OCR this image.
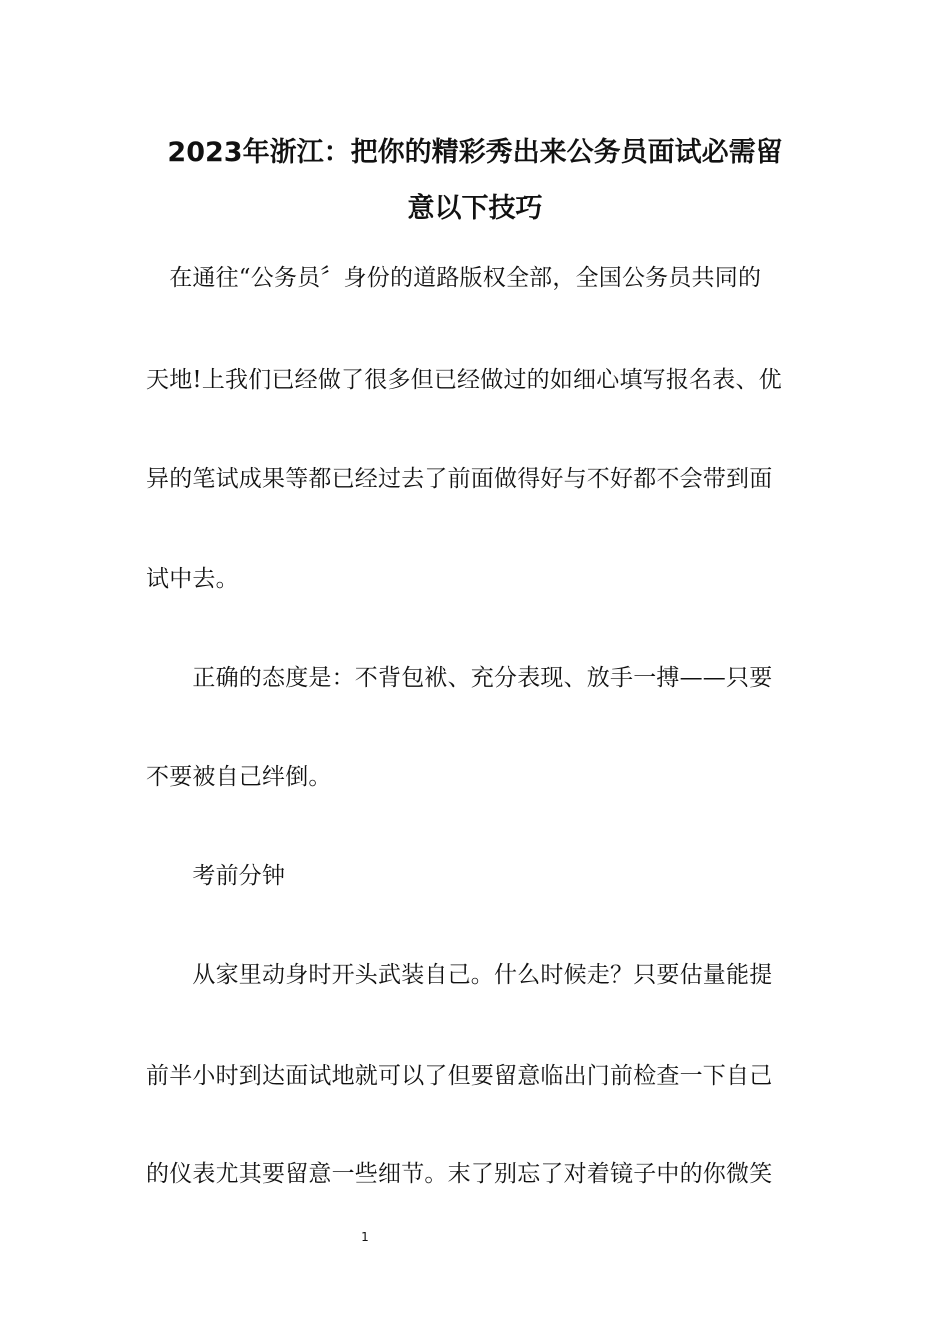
2023年浙江：把你的精彩秀出来公务员面试必需留
意以下技巧
　在通往“公务员〞身份的道路版权全部，全国公务员共同的
天地!上我们已经做了很多但已经做过的如细心填写报名表、优
异的笔试成果等都已经过去了前面做得好与不好都不会带到面
试中去。
　　正确的态度是：不背包袱、充分表现、放手一搏——只要
不要被自己绊倒。
　　考前分钟
　　从家里动身时开头武装自己。什么时候走？只要估量能提
前半小时到达面试地就可以了但要留意临出门前检查一下自己
的仪表尤其要留意一些细节。末了别忘了对着镜子中的你微笑
1
